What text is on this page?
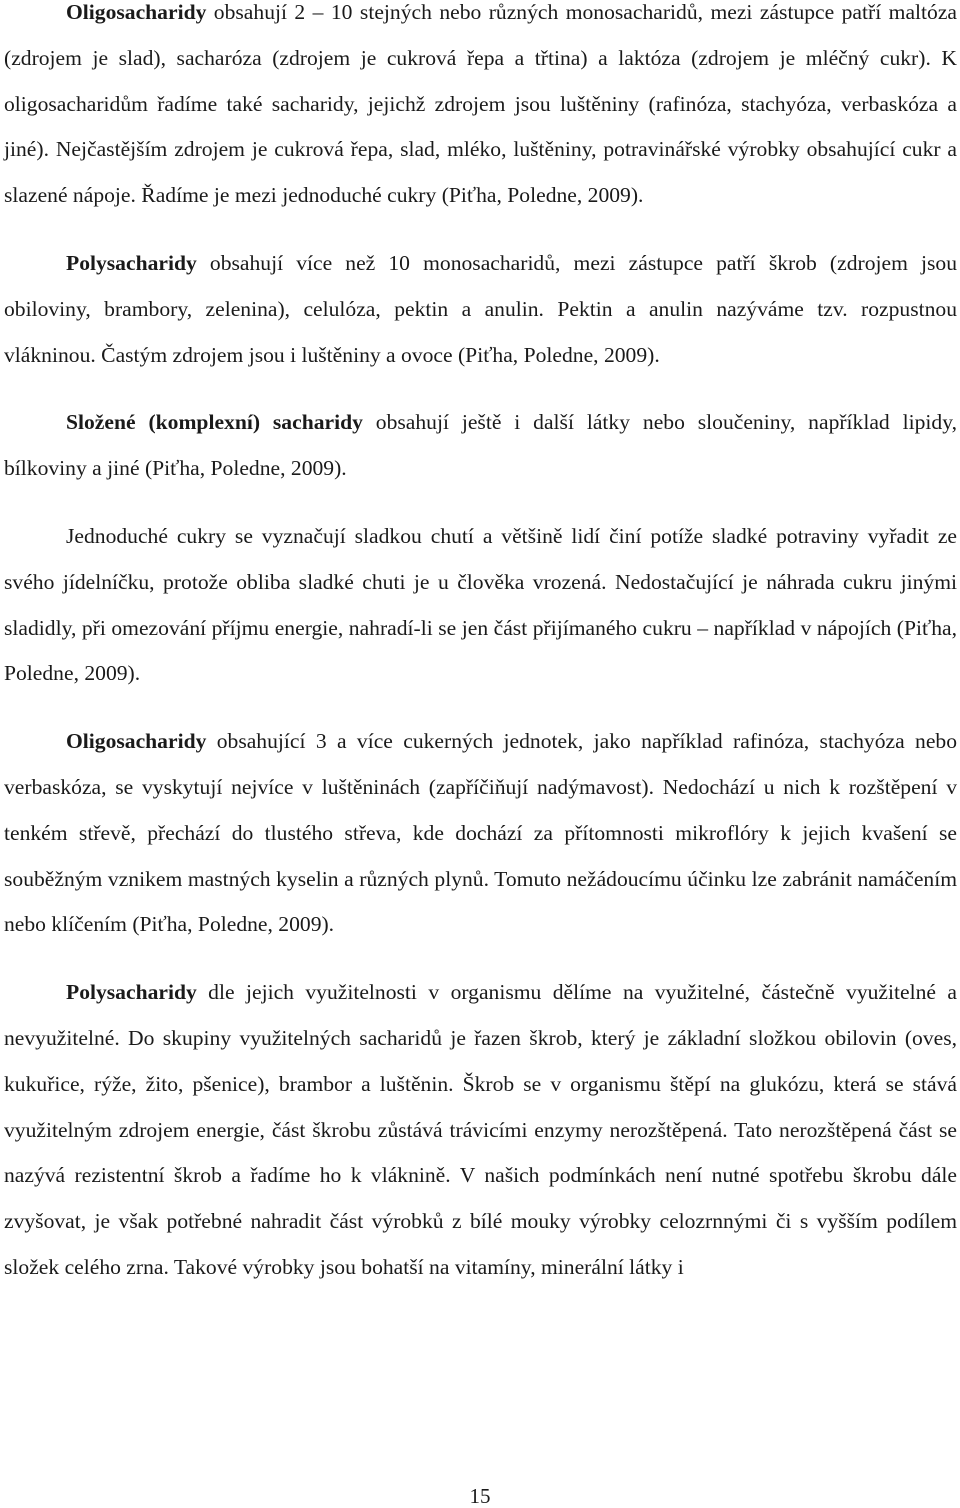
Oligosacharidy obsahují 2 – 10 stejných nebo různých monosacharidů, mezi zástupce patří maltóza (zdrojem je slad), sacharóza (zdrojem je cukrová řepa a třtina) a laktóza (zdrojem je mléčný cukr). K oligosacharidům řadíme také sacharidy, jejichž zdrojem jsou luštěniny (rafinóza, stachyóza, verbaskóza a jiné). Nejčastějším zdrojem je cukrová řepa, slad, mléko, luštěniny, potravinářské výrobky obsahující cukr a slazené nápoje. Řadíme je mezi jednoduché cukry (Piťha, Poledne, 2009).

Polysacharidy obsahují více než 10 monosacharidů, mezi zástupce patří škrob (zdrojem jsou obiloviny, brambory, zelenina), celulóza, pektin a anulin. Pektin a anulin nazýváme tzv. rozpustnou vlákninou. Častým zdrojem jsou i luštěniny a ovoce (Piťha, Poledne, 2009).

Složené (komplexní) sacharidy obsahují ještě i další látky nebo sloučeniny, například lipidy, bílkoviny a jiné (Piťha, Poledne, 2009).

Jednoduché cukry se vyznačují sladkou chutí a většině lidí činí potíže sladké potraviny vyřadit ze svého jídelníčku, protože obliba sladké chuti je u člověka vrozená. Nedostačující je náhrada cukru jinými sladidly, při omezování příjmu energie, nahradí-li se jen část přijímaného cukru – například v nápojích (Piťha, Poledne, 2009).

Oligosacharidy obsahující 3 a více cukerných jednotek, jako například rafinóza, stachyóza nebo verbaskóza, se vyskytují nejvíce v luštěninách (zapříčiňují nadýmavost). Nedochází u nich k rozštěpení v tenkém střevě, přechází do tlustého střeva, kde dochází za přítomnosti mikroflóry k jejich kvašení se souběžným vznikem mastných kyselin a různých plynů. Tomuto nežádoucímu účinku lze zabránit namáčením nebo klíčením (Piťha, Poledne, 2009).

Polysacharidy dle jejich využitelnosti v organismu dělíme na využitelné, částečně využitelné a nevyužitelné. Do skupiny využitelných sacharidů je řazen škrob, který je základní složkou obilovin (oves, kukuřice, rýže, žito, pšenice), brambor a luštěnin. Škrob se v organismu štěpí na glukózu, která se stává využitelným zdrojem energie, část škrobu zůstává trávicími enzymy nerozštěpená. Tato nerozštěpená část se nazývá rezistentní škrob a řadíme ho k vláknině. V našich podmínkách není nutné spotřebu škrobu dále zvyšovat, je však potřebné nahradit část výrobků z bílé mouky výrobky celozrnnými či s vyšším podílem složek celého zrna. Takové výrobky jsou bohatší na vitamíny, minerální látky i

15
